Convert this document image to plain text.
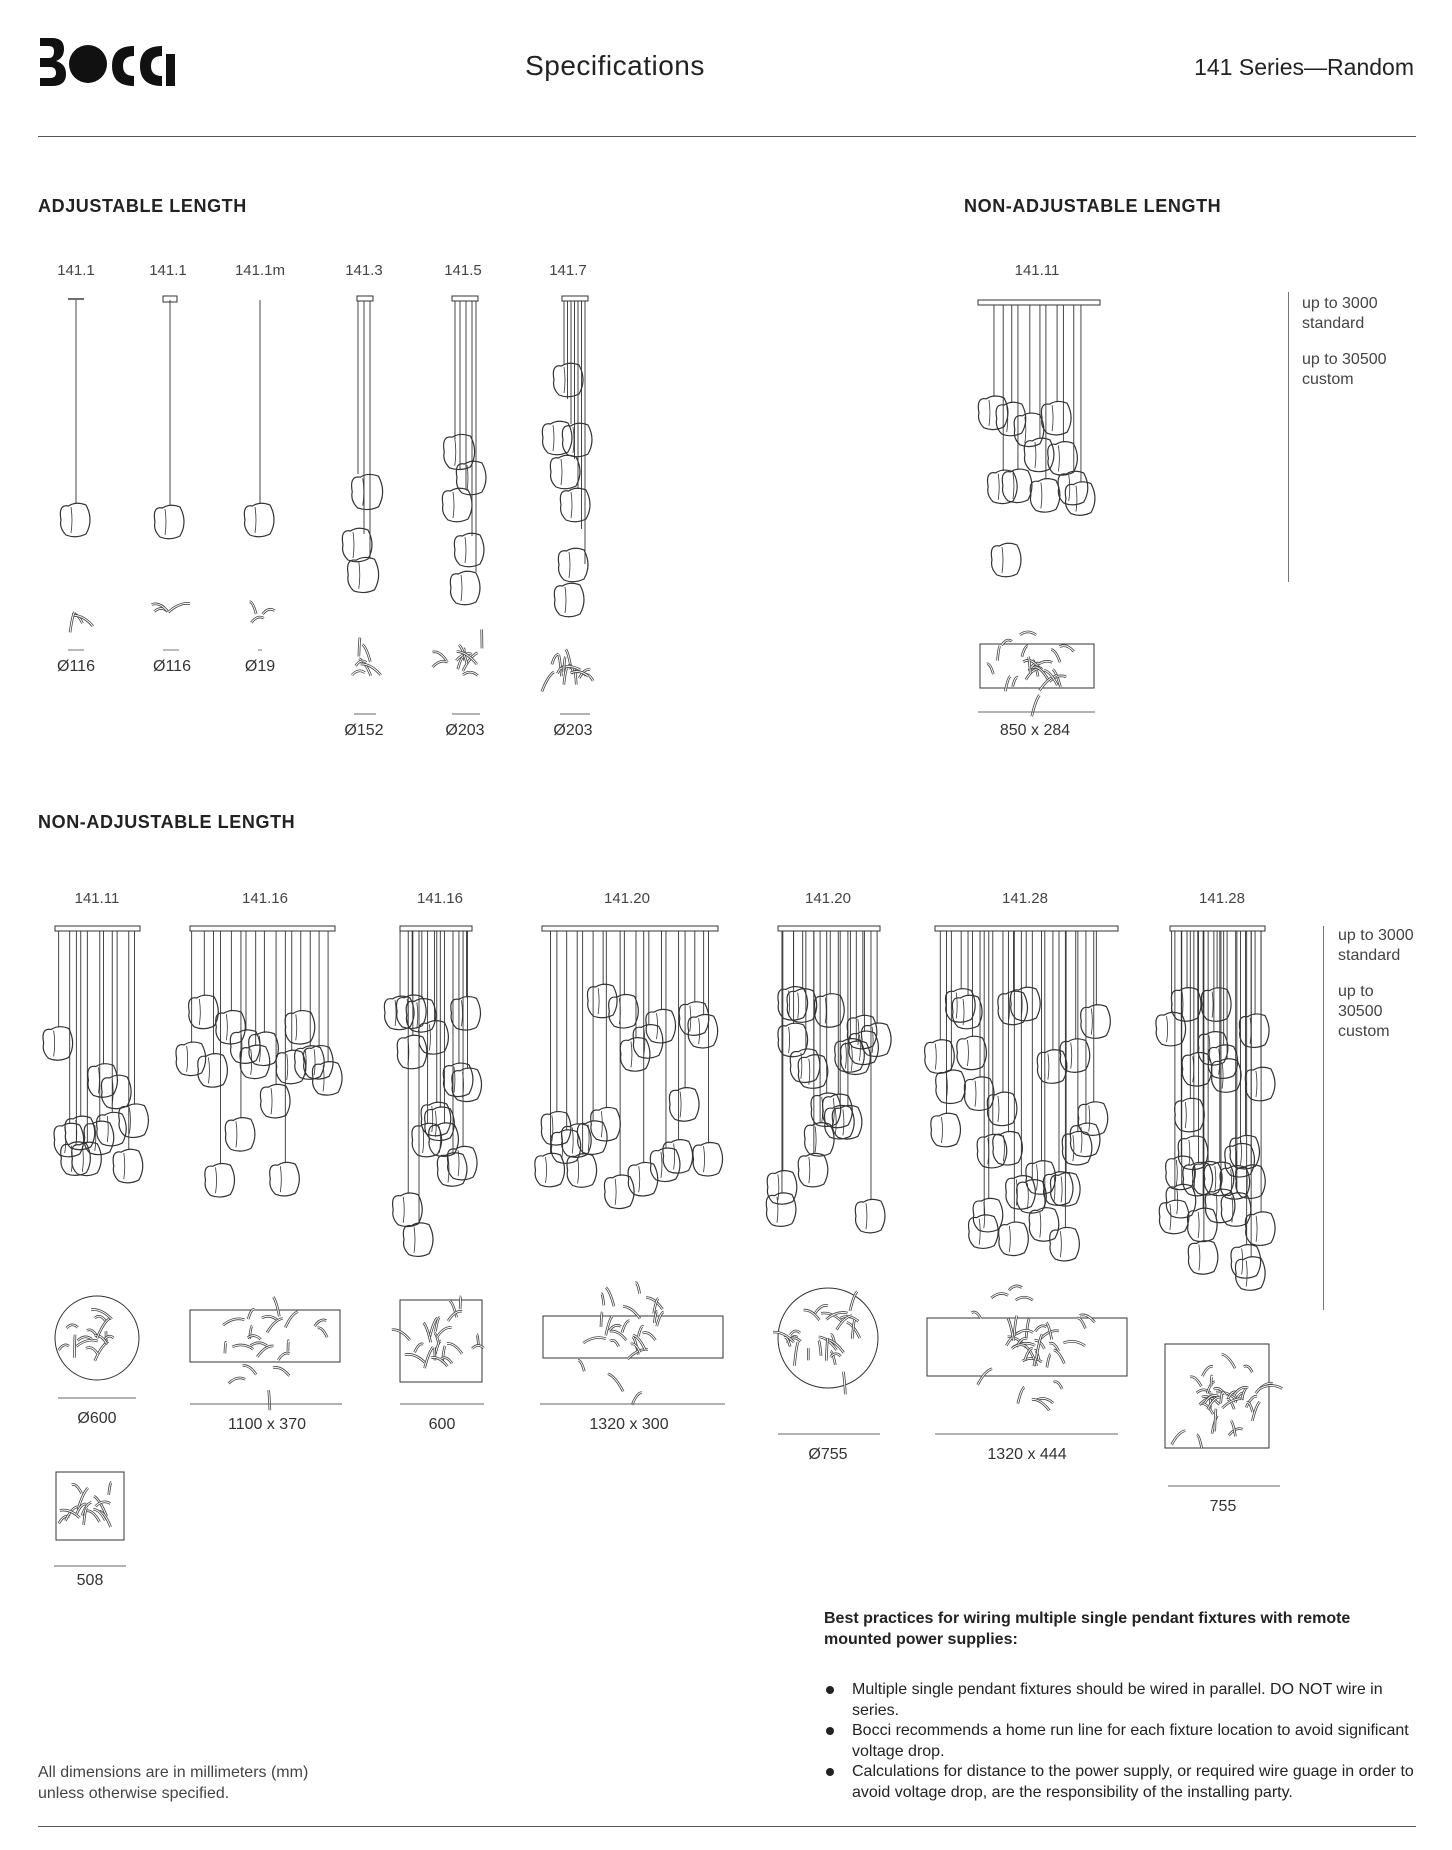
Specifications	141 Series—Random
ADJUSTABLE LENGTH	NON-ADJUSTABLE LENGTH
NON-ADJUSTABLE LENGTH
141.1	141.1	141.1m	141.3	141.5	141.7
Ø116	Ø116	Ø19
Ø152	Ø203	Ø203
141.11
850 x 284
up to 3000 standard
up to 30500 custom
141.11	141.16	141.16	141.20	141.20	141.28	141.28
Ø600
508
1100 x 370	600	1320 x 300
Ø755	1320 x 444
755
up to 3000 standard
up to 30500 custom
All dimensions are in millimeters (mm) unless otherwise specified.
Best practices for wiring multiple single pendant fixtures with remote mounted power supplies:
Multiple single pendant fixtures should be wired in parallel. DO NOT wire in series.
Bocci recommends a home run line for each fixture location to avoid significant voltage drop.
Calculations for distance to the power supply, or required wire guage in order to avoid voltage drop, are the responsibility of the installing party.
